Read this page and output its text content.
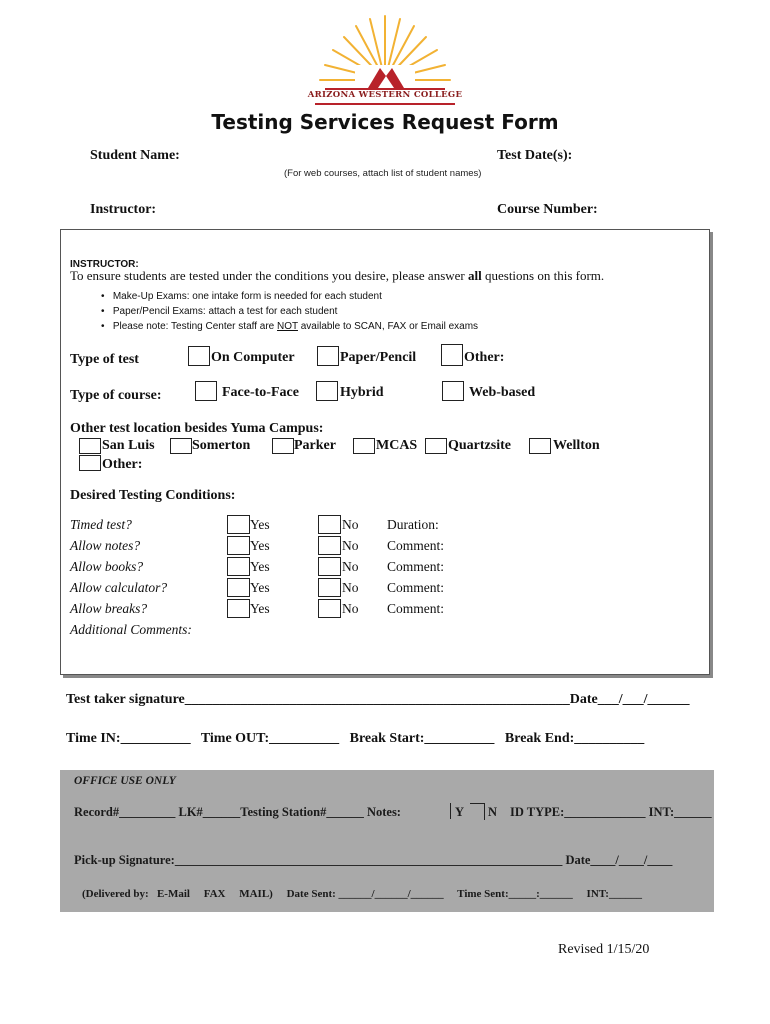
ARIZONA WESTERN COLLEGE
Testing Services Request Form
Student Name:	Test Date(s):
(For web courses, attach list of student names)
Instructor:	Course Number:
INSTRUCTOR:
To ensure students are tested under the conditions you desire, please answer all questions on this form.
•   Make-Up Exams: one intake form is needed for each student
•   Paper/Pencil Exams: attach a test for each student
•   Please note: Testing Center staff are NOT available to SCAN, FAX or Email exams
Type of test	On Computer	Paper/Pencil	Other:
Type of course:	Face-to-Face	Hybrid	Web-based
Other test location besides Yuma Campus:
San Luis	Somerton	Parker	MCAS Quartzsite	Wellton
Other:
Desired Testing Conditions:
Timed test?	Yes	No Duration:
Allow notes?	Yes	No Comment:
Allow books?	Yes	No Comment:
Allow calculator?	Yes	No Comment:
Allow breaks?	Yes	No Comment:
Additional Comments:
Test taker signature_______________________________________________________Date___/___/______
Time IN:__________   Time OUT:__________   Break Start:__________   Break End:__________
OFFICE USE ONLY
Record#_________ LK#______Testing Station#______ Notes:	Y N ID TYPE:_____________ INT:______
Pick-up Signature:______________________________________________________________ Date____/____/____
(Delivered by:   E-Mail     FAX     MAIL)     Date Sent: ______/______/______     Time Sent:_____:______     INT:______
Revised 1/15/20
